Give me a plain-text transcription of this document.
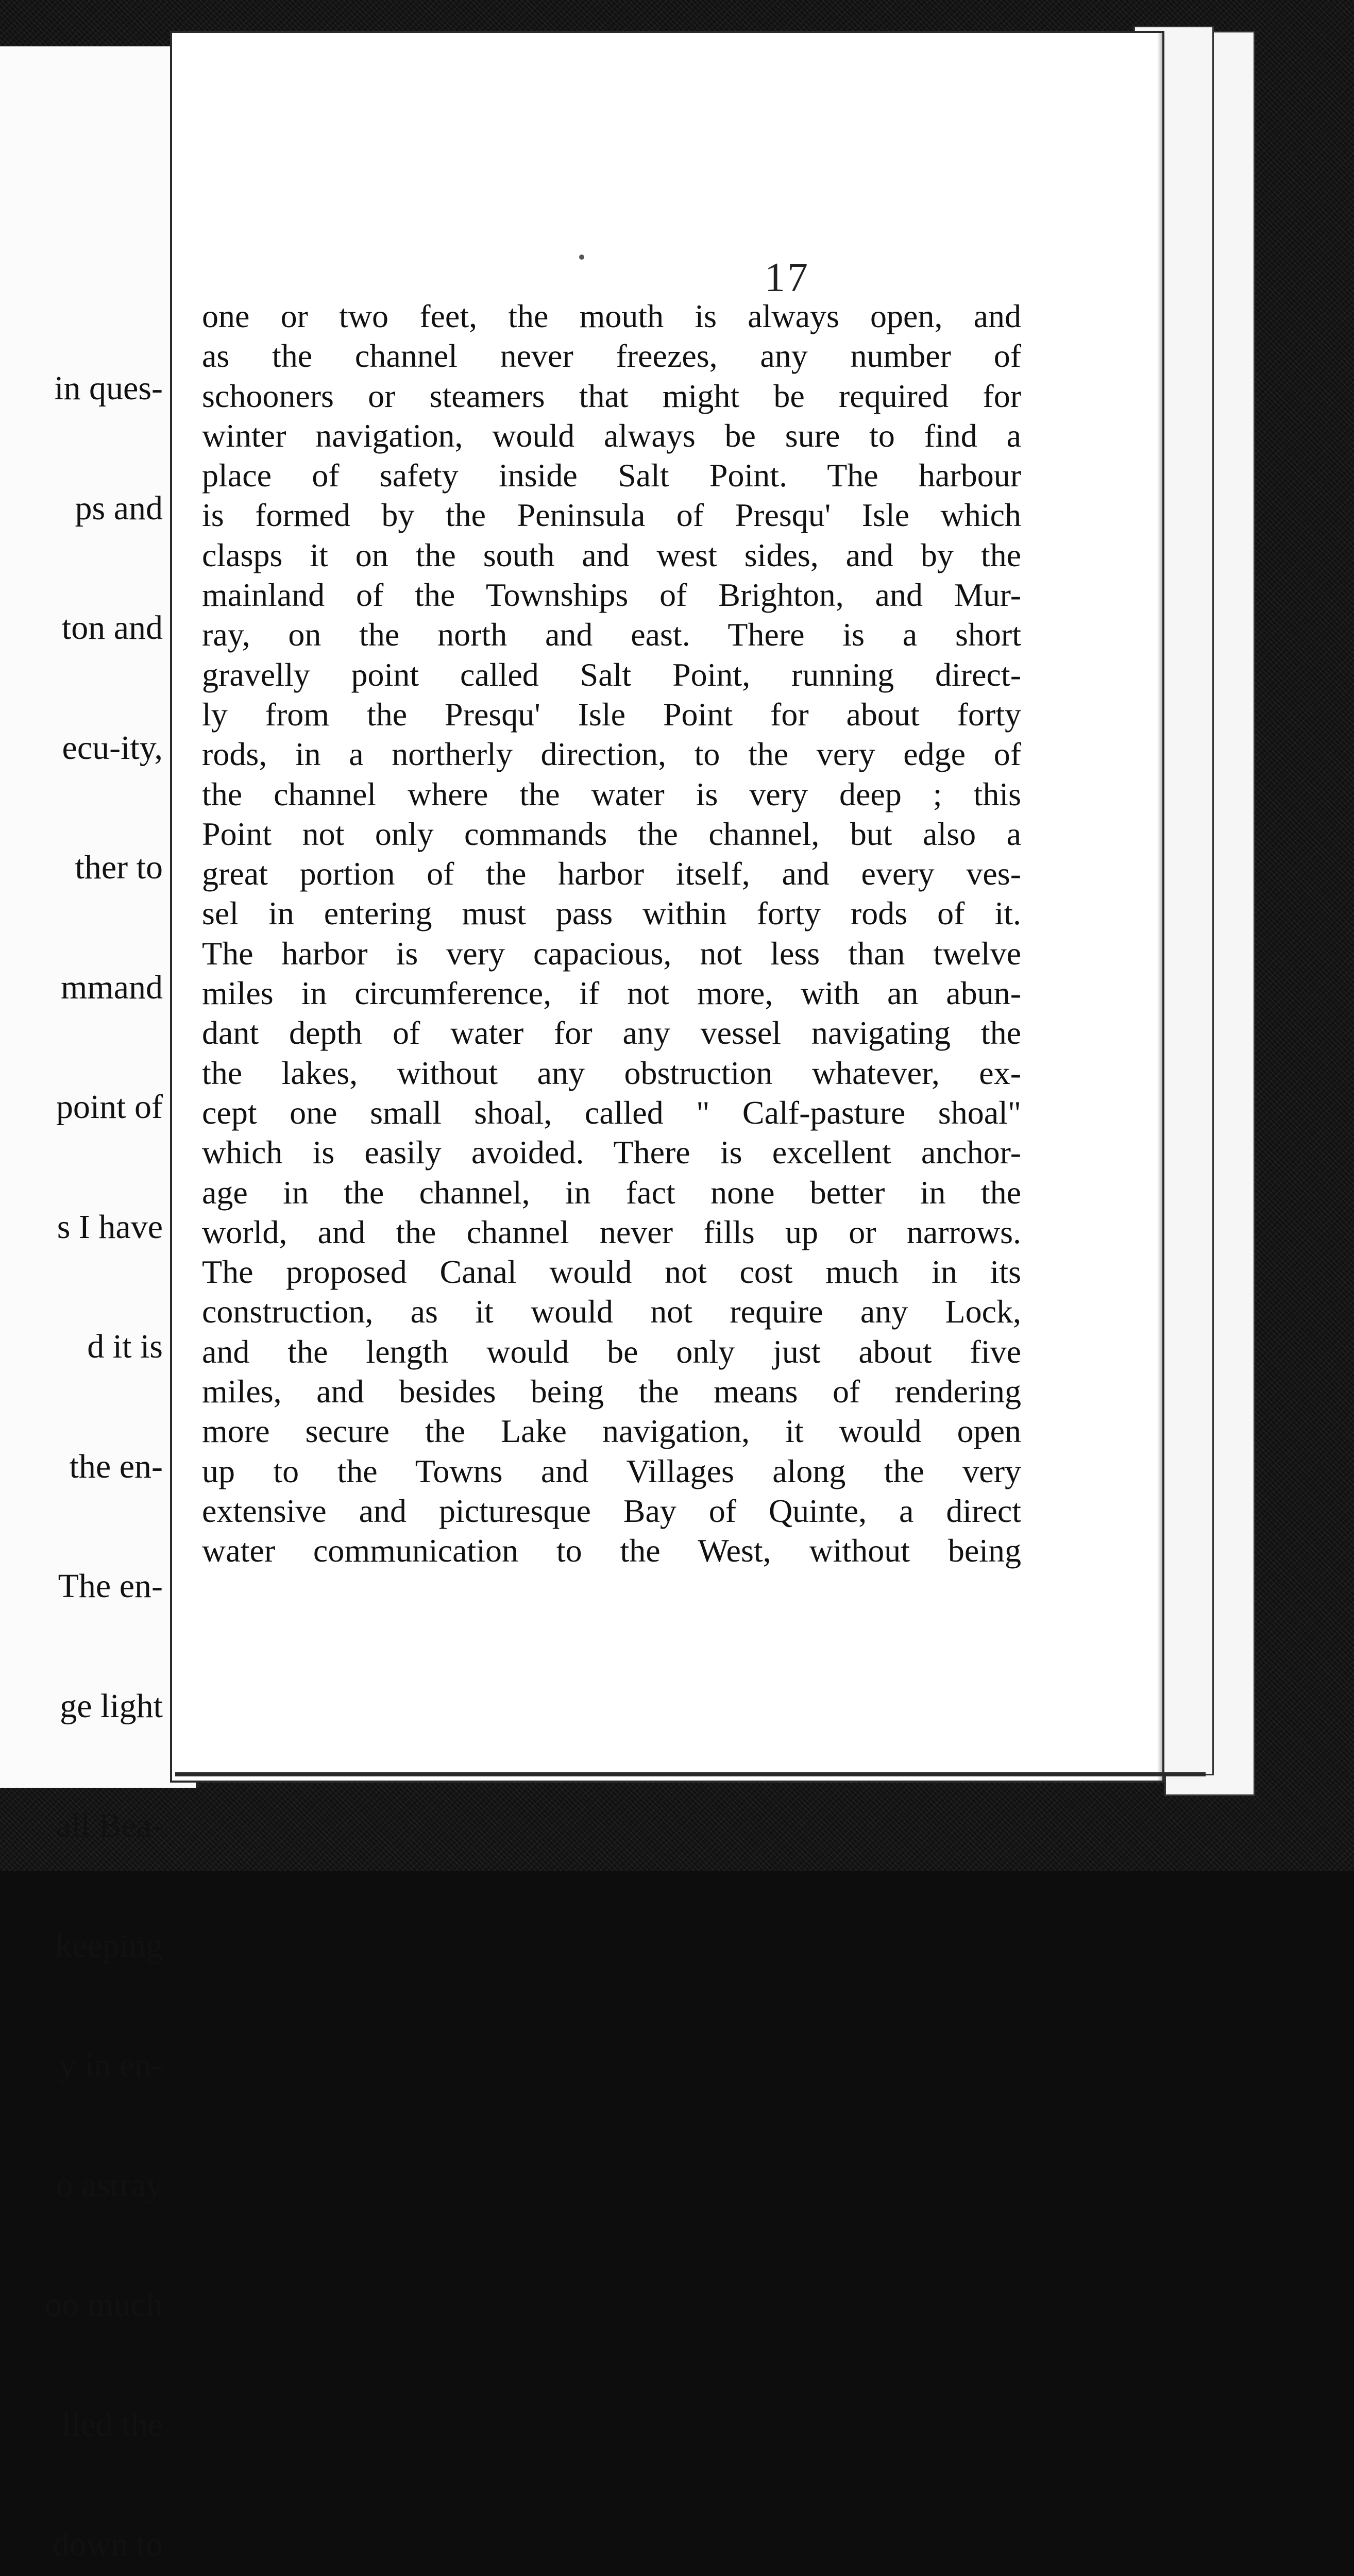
in ques-

ps and

ton and

ecu-ity,

ther to

mmand

point of

s I have

d it is

the en-

The en-

ge light

all Bea-

keeping

y in en-

o astray

oo much

lled the

down to

17
one or two feet, the mouth is always open, and
as the channel never freezes, any number of
schooners or steamers that might be required for
winter navigation, would always be sure to find a
place of safety inside Salt Point. The harbour
is formed by the Peninsula of Presqu' Isle which
clasps it on the south and west sides, and by the
mainland of the Townships of Brighton, and Mur-
ray, on the north and east. There is a short
gravelly point called Salt Point, running direct-
ly from the Presqu' Isle Point for about forty
rods, in a northerly direction, to the very edge of
the channel where the water is very deep ; this
Point not only commands the channel, but also a
great portion of the harbor itself, and every ves-
sel in entering must pass within forty rods of it.
The harbor is very capacious, not less than twelve
miles in circumference, if not more, with an abun-
dant depth of water for any vessel navigating the
the lakes, without any obstruction whatever, ex-
cept one small shoal, called " Calf-pasture shoal"
which is easily avoided. There is excellent anchor-
age in the channel, in fact none better in the
world, and the channel never fills up or narrows.
The proposed Canal would not cost much in its
construction, as it would not require any Lock,
and the length would be only just about five
miles, and besides being the means of rendering
more secure the Lake navigation, it would open
up to the Towns and Villages along the very
extensive and picturesque Bay of Quinte, a direct
water communication to the West, without being
